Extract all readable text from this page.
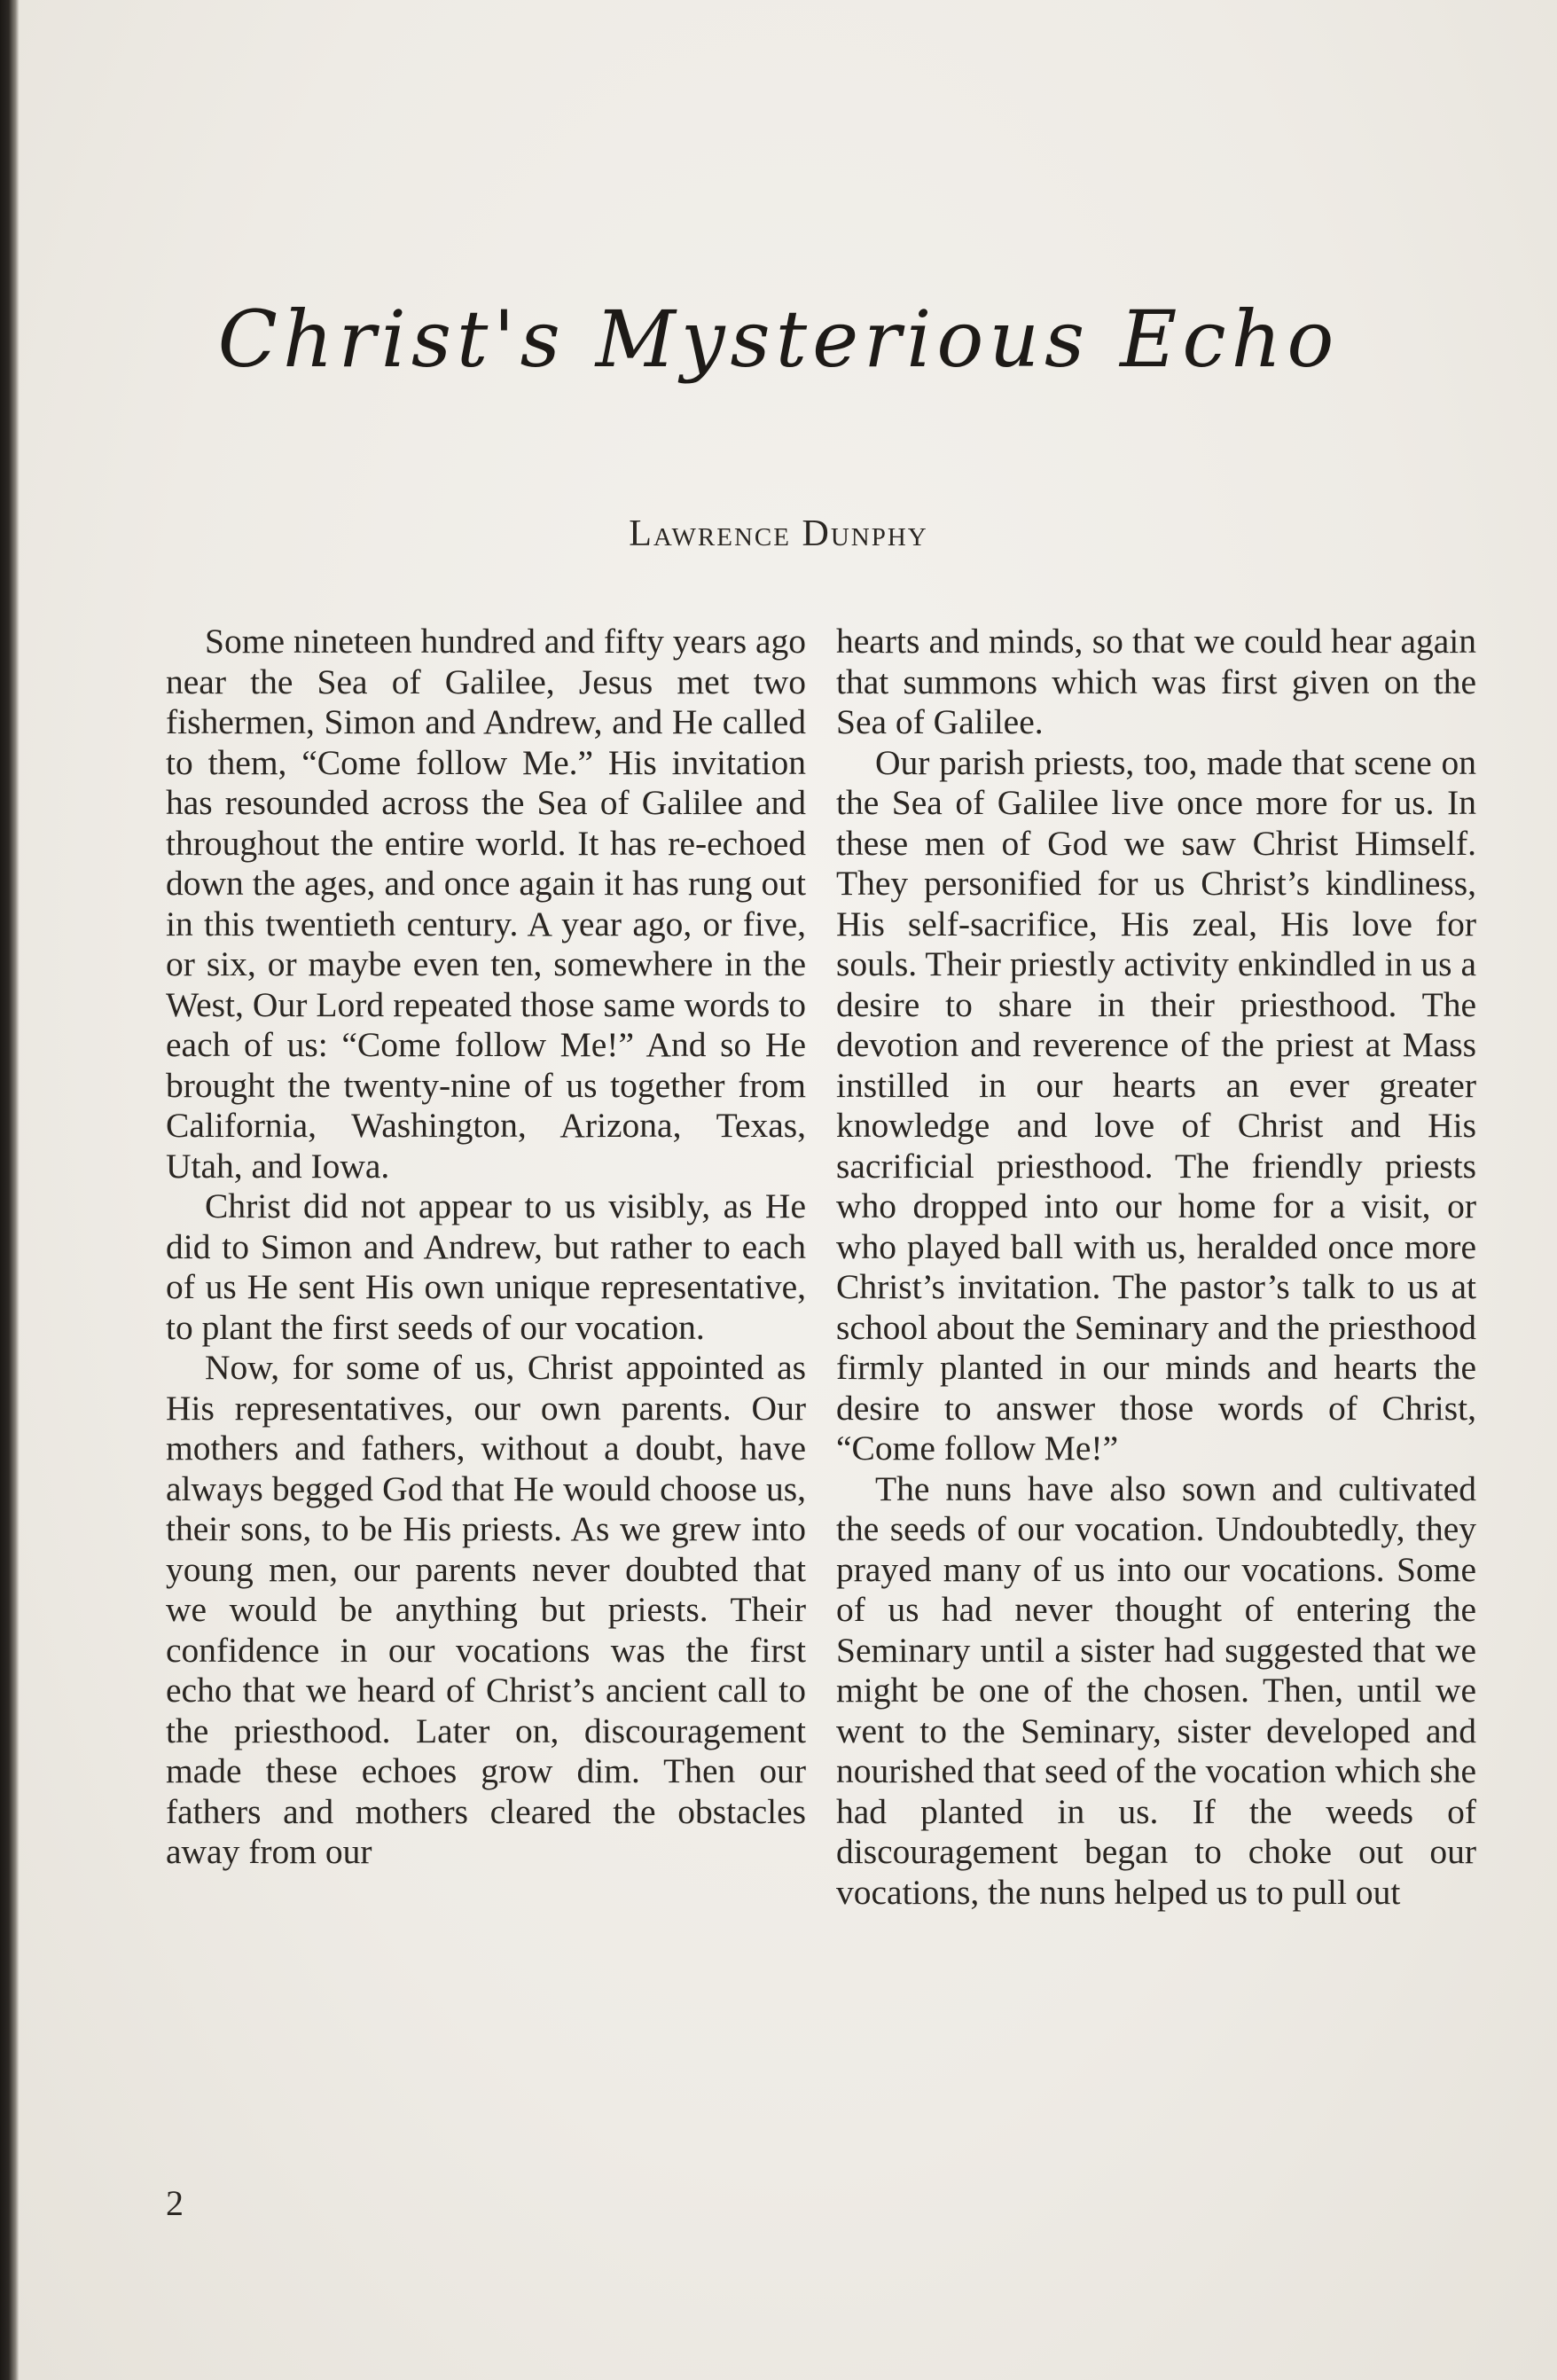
Christ's Mysterious Echo
Lawrence Dunphy

Some nineteen hundred and fifty years ago near the Sea of Galilee, Jesus met two fishermen, Simon and Andrew, and He called to them, “Come follow Me.” His invitation has resounded across the Sea of Galilee and throughout the entire world. It has re-echoed down the ages, and once again it has rung out in this twentieth century. A year ago, or five, or six, or maybe even ten, somewhere in the West, Our Lord repeated those same words to each of us: “Come follow Me!” And so He brought the twenty-nine of us together from California, Washington, Arizona, Texas, Utah, and Iowa.

Christ did not appear to us visibly, as He did to Simon and Andrew, but rather to each of us He sent His own unique representative, to plant the first seeds of our vocation.

Now, for some of us, Christ appointed as His representatives, our own parents. Our mothers and fathers, without a doubt, have always begged God that He would choose us, their sons, to be His priests. As we grew into young men, our parents never doubted that we would be anything but priests. Their confidence in our vocations was the first echo that we heard of Christ’s ancient call to the priesthood. Later on, discouragement made these echoes grow dim. Then our fathers and mothers cleared the obstacles away from our

hearts and minds, so that we could hear again that summons which was first given on the Sea of Galilee.

Our parish priests, too, made that scene on the Sea of Galilee live once more for us. In these men of God we saw Christ Himself. They personified for us Christ’s kindliness, His self-sacrifice, His zeal, His love for souls. Their priestly activity enkindled in us a desire to share in their priesthood. The devotion and reverence of the priest at Mass instilled in our hearts an ever greater knowledge and love of Christ and His sacrificial priesthood. The friendly priests who dropped into our home for a visit, or who played ball with us, heralded once more Christ’s invitation. The pastor’s talk to us at school about the Seminary and the priesthood firmly planted in our minds and hearts the desire to answer those words of Christ, “Come follow Me!”

The nuns have also sown and cultivated the seeds of our vocation. Undoubtedly, they prayed many of us into our vocations. Some of us had never thought of entering the Seminary until a sister had suggested that we might be one of the chosen. Then, until we went to the Seminary, sister developed and nourished that seed of the vocation which she had planted in us. If the weeds of discouragement began to choke out our vocations, the nuns helped us to pull out

2
